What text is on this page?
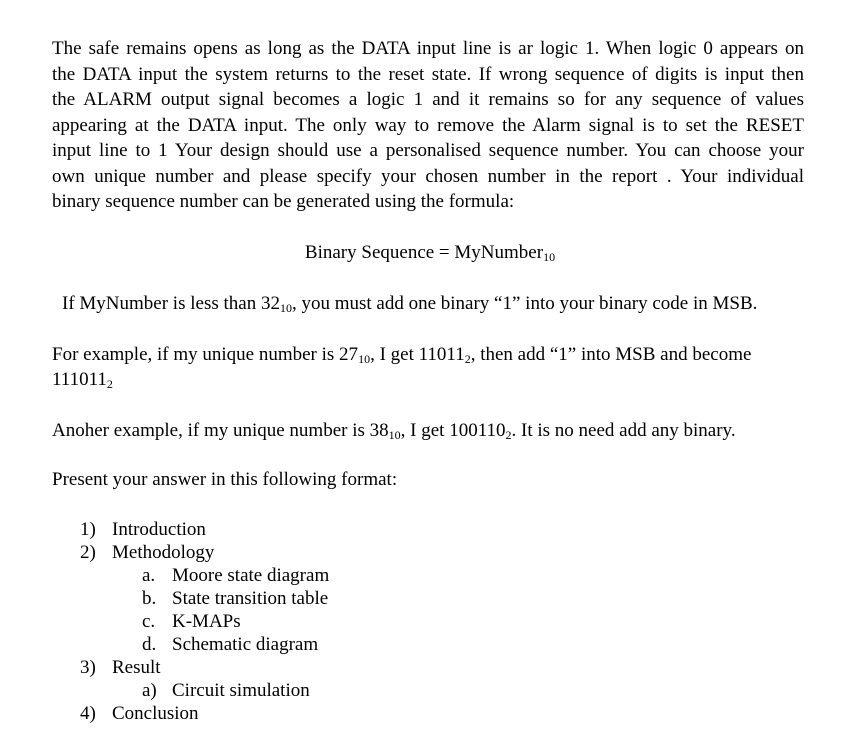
The safe remains opens as long as the DATA input line is ar logic 1. When logic 0 appears on
the DATA input the system returns to the reset state. If wrong sequence of digits is input then
the ALARM output signal becomes a logic 1 and it remains so for any sequence of values
appearing at the DATA input. The only way to remove the Alarm signal is to set the RESET
input line to 1 Your design should use a personalised sequence number. You can choose your
own unique number and please specify your chosen number in the report . Your individual
binary sequence number can be generated using the formula:

Binary Sequence = MyNumber$_{10}$

If MyNumber is less than $32_{10}$, you must add one binary “1” into your binary code in MSB.

For example, if my unique number is $27_{10}$, I get $11011_2$, then add “1” into MSB and become

$111011_2$

Anoher example, if my unique number is $38_{10}$, I get $100110_2$. It is no need add any binary.

Present your answer in this following format:

1) Introduction
2) Methodology
a. Moore state diagram
b. State transition table
c. K-MAPs
d. Schematic diagram
3) Result
a) Circuit simulation
4) Conclusion
